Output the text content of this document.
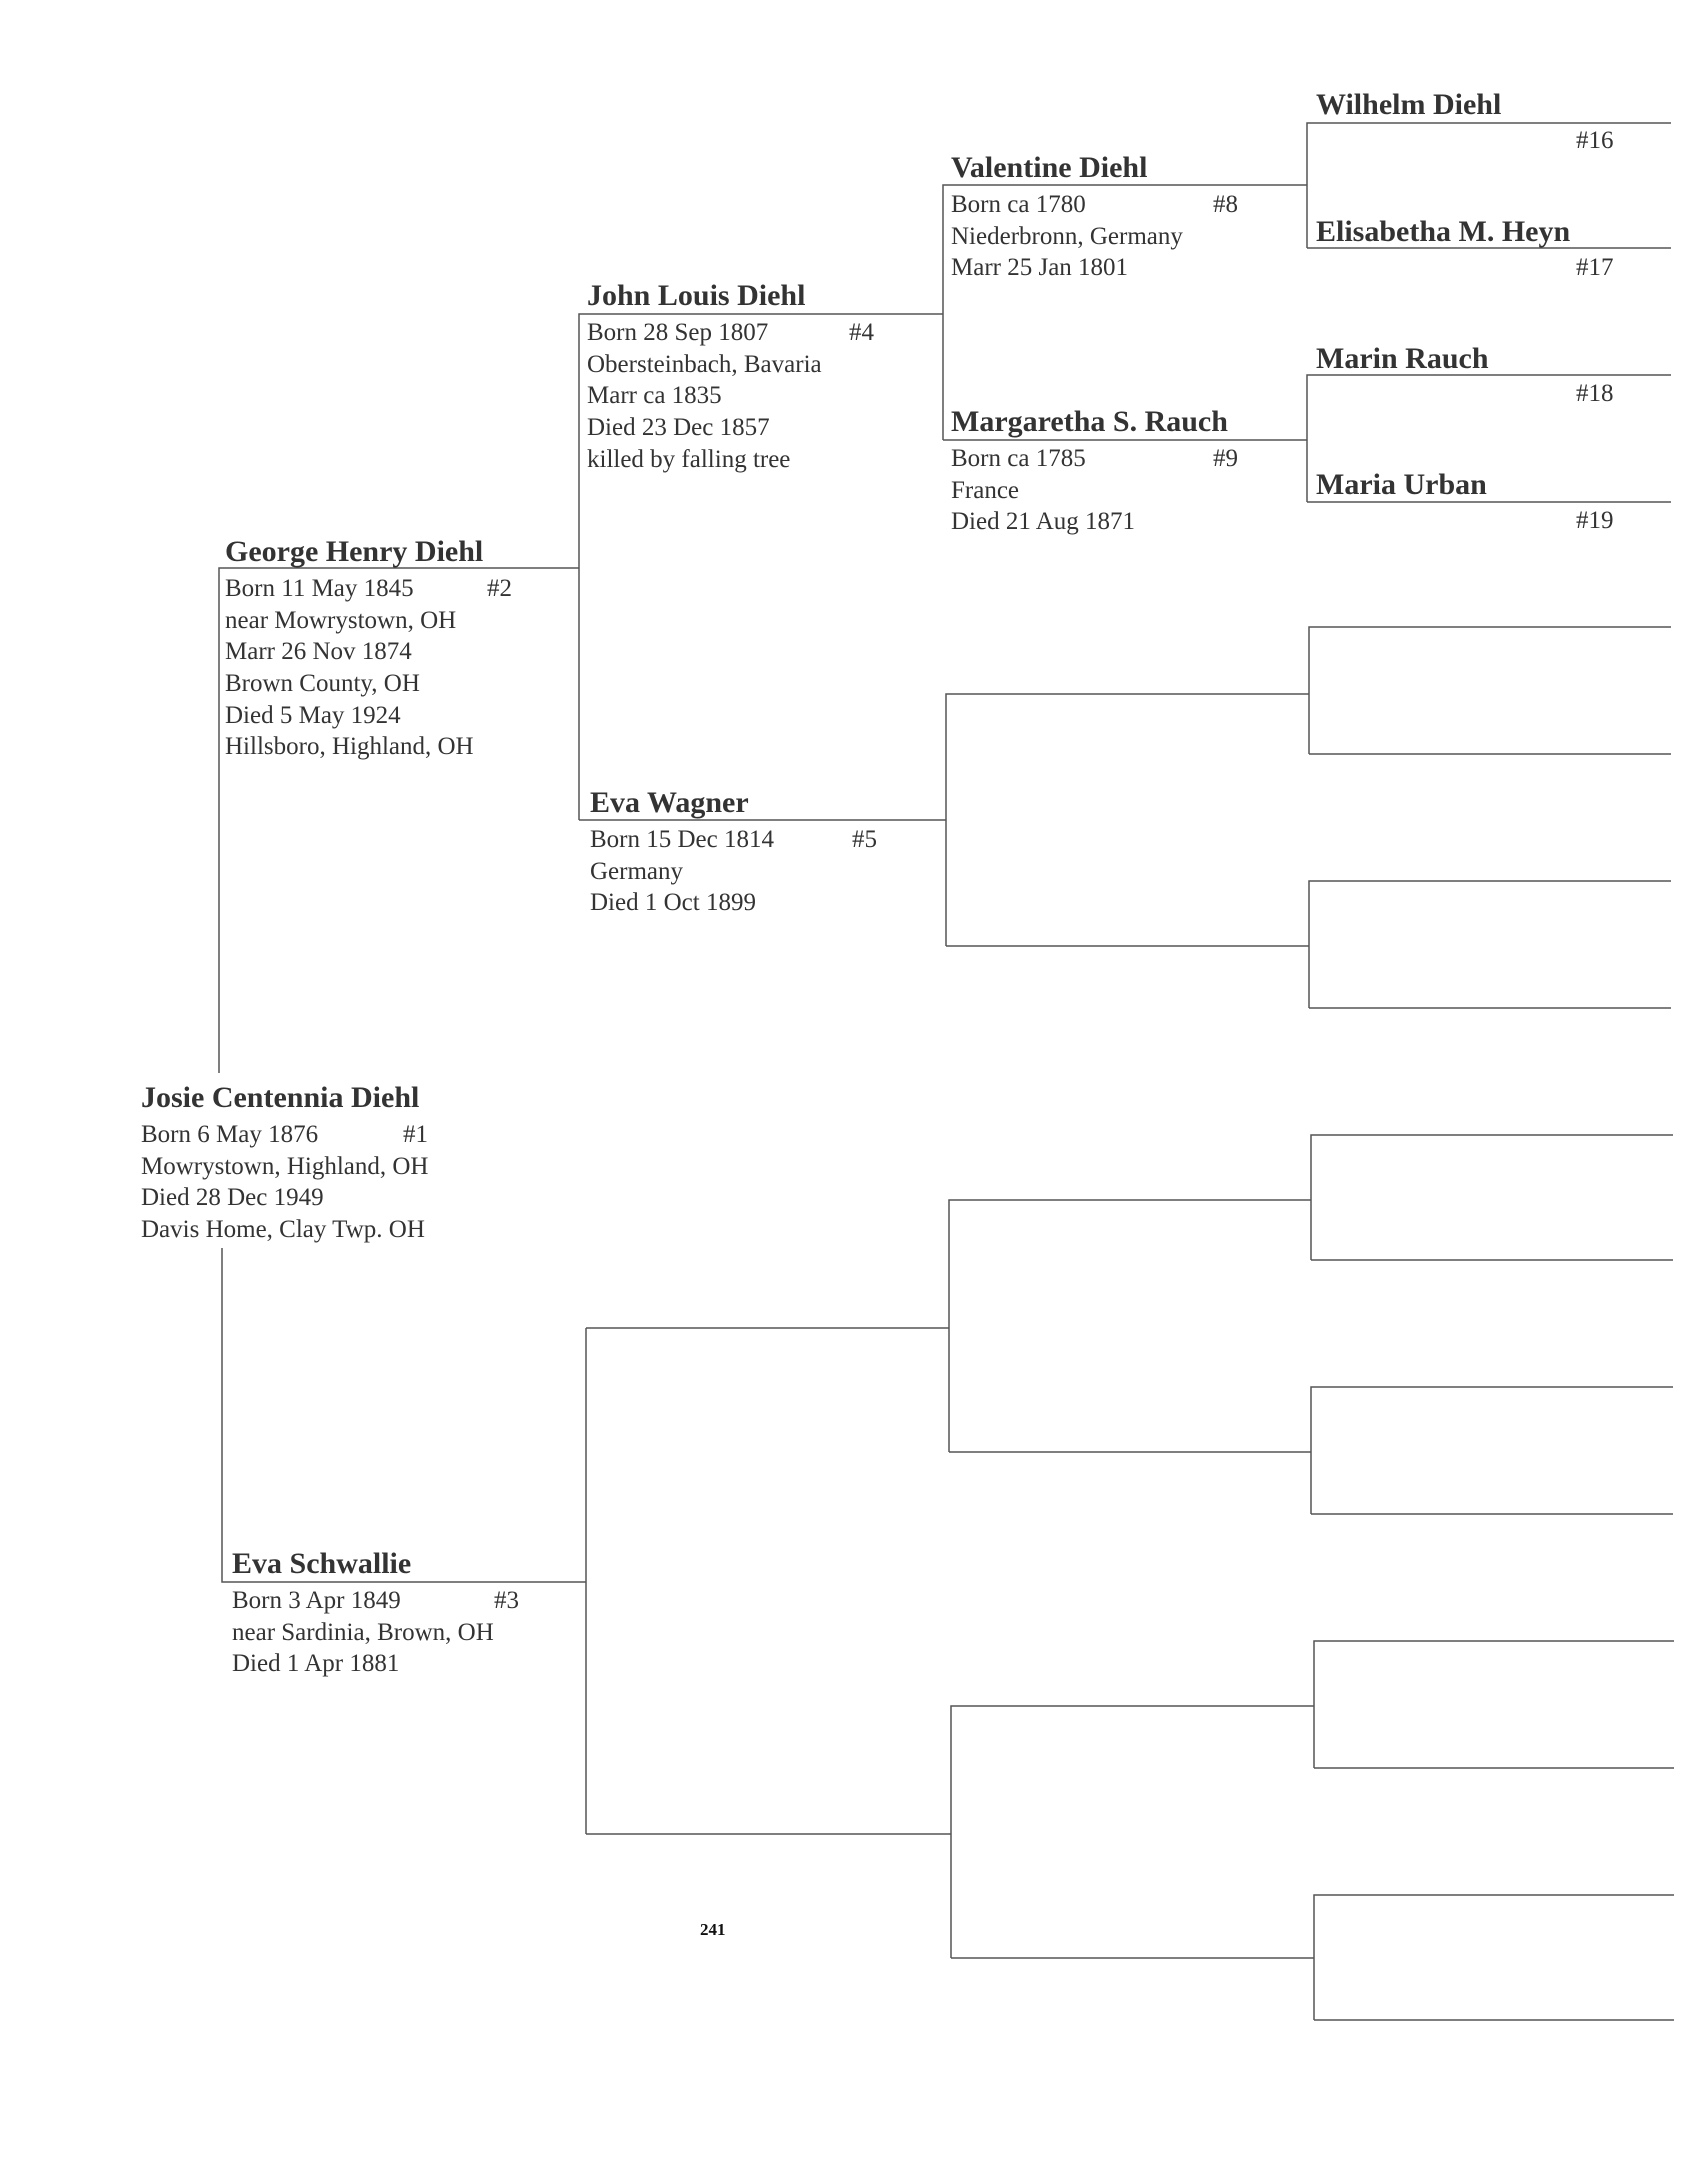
Josie Centennia Diehl
Born 6 May 1876	#1
Mowrystown, Highland, OH
Died 28 Dec 1949
Davis Home, Clay Twp. OH
George Henry Diehl
Born 11 May 1845	#2
near Mowrystown, OH
Marr 26 Nov 1874
Brown County, OH
Died 5 May 1924
Hillsboro, Highland, OH
Eva Schwallie
Born 3 Apr 1849	#3
near Sardinia, Brown, OH
Died 1 Apr 1881
John Louis Diehl
Born 28 Sep 1807	#4
Obersteinbach, Bavaria
Marr ca 1835
Died 23 Dec 1857
killed by falling tree
Eva Wagner
Born 15 Dec 1814	#5
Germany
Died 1 Oct 1899
Valentine Diehl
Born ca 1780	#8
Niederbronn, Germany
Marr 25 Jan 1801
Margaretha S. Rauch
Born ca 1785	#9
France
Died 21 Aug 1871
Wilhelm Diehl
#16
Elisabetha M. Heyn
#17
Marin Rauch
#18
Maria Urban
#19
241
